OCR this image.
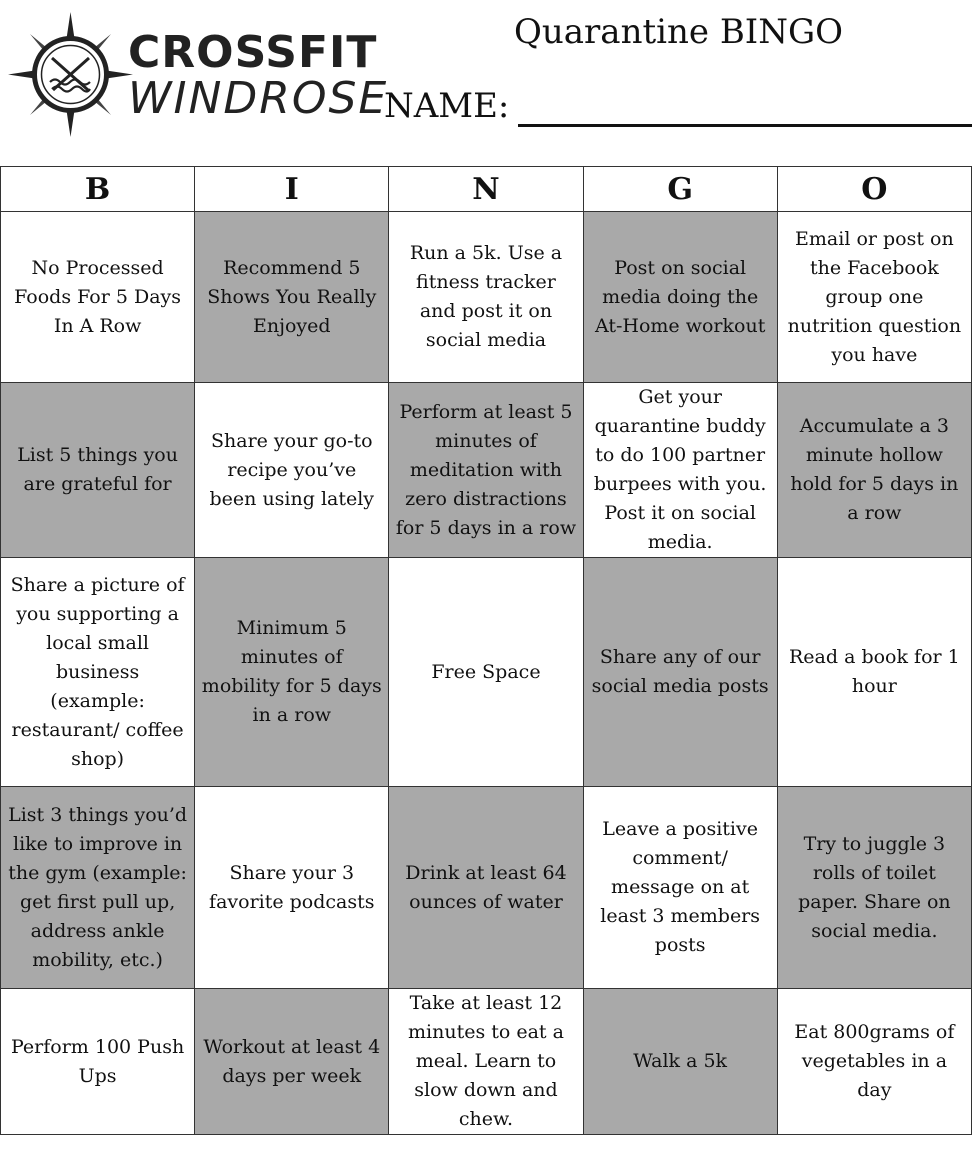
CROSSFIT
WINDROSE
Quarantine BINGO
NAME:
B	I	N	G	O
No Processed Foods For 5 Days In A Row	Recommend 5 Shows You Really Enjoyed	Run a 5k. Use a fitness tracker and post it on social media	Post on social media doing the At-Home workout	Email or post on the Facebook group one nutrition question you have
List 5 things you are grateful for	Share your go-to recipe you’ve been using lately	Perform at least 5 minutes of meditation with zero distractions for 5 days in a row	Get your quarantine buddy to do 100 partner burpees with you. Post it on social media.	Accumulate a 3 minute hollow hold for 5 days in a row
Share a picture of you supporting a local small business (example: restaurant/ coffee shop)	Minimum 5 minutes of mobility for 5 days in a row	Free Space	Share any of our social media posts	Read a book for 1 hour
List 3 things you’d like to improve in the gym (example: get first pull up, address ankle mobility, etc.)	Share your 3 favorite podcasts	Drink at least 64 ounces of water	Leave a positive comment/ message on at least 3 members posts	Try to juggle 3 rolls of toilet paper. Share on social media.
Perform 100 Push Ups	Workout at least 4 days per week	Take at least 12 minutes to eat a meal. Learn to slow down and chew.	Walk a 5k	Eat 800grams of vegetables in a day
